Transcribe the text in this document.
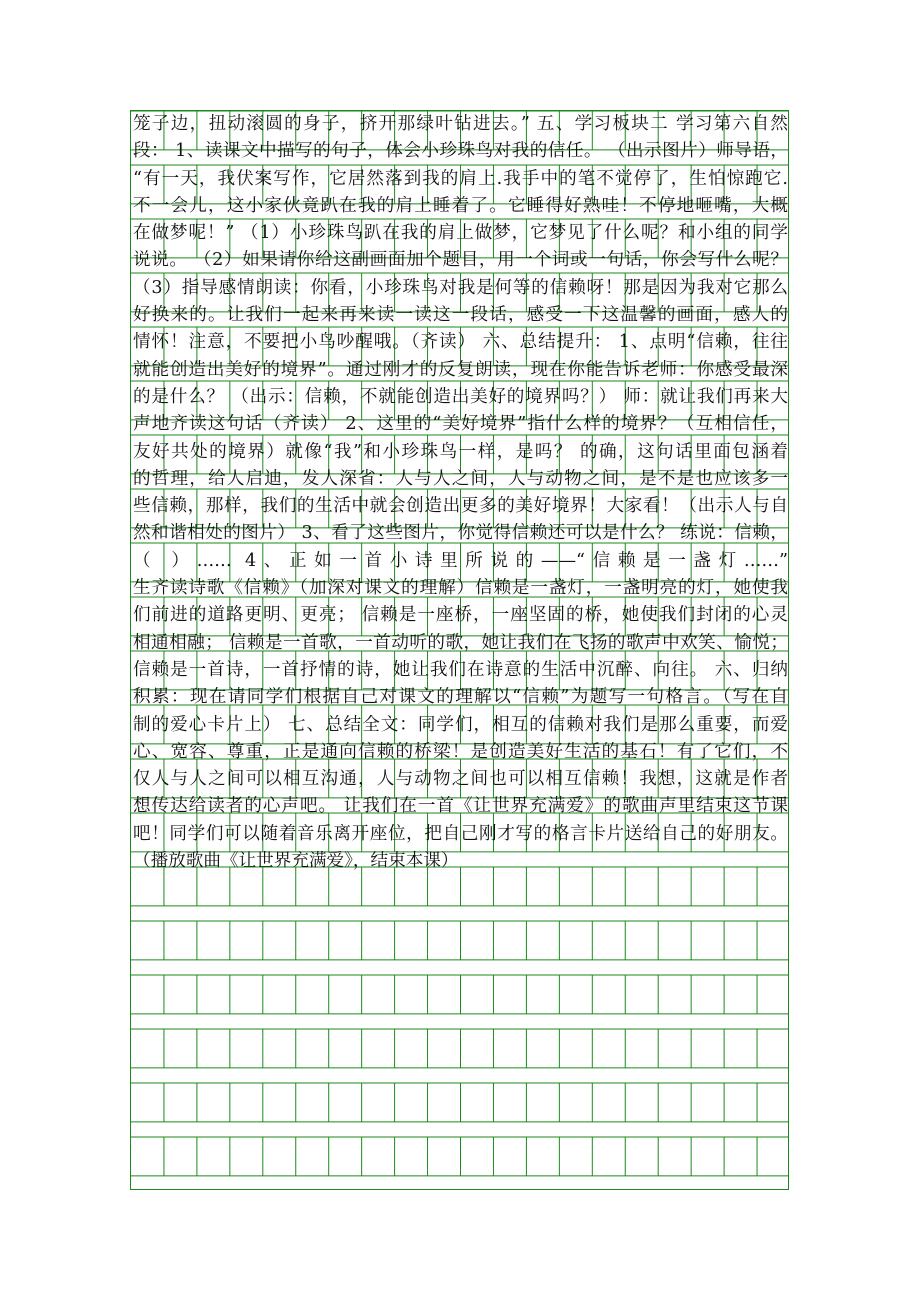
笼子边，扭动滚圆的身子，挤开那绿叶钻进去。” 五、学习板块二 学习第六自然
段： 1、读课文中描写的句子，体会小珍珠鸟对我的信任。 （出示图片）师导语，
“有一天，我伏案写作，它居然落到我的肩上.我手中的笔不觉停了，生怕惊跑它.
不一会儿，这小家伙竟趴在我的肩上睡着了。它睡得好熟哇！不停地咂嘴，大概
在做梦呢！” （1）小珍珠鸟趴在我的肩上做梦，它梦见了什么呢？和小组的同学
说说。 （2）如果请你给这副画面加个题目，用一个词或一句话，你会写什么呢？
（3）指导感情朗读：你看，小珍珠鸟对我是何等的信赖呀！那是因为我对它那么
好换来的。让我们一起来再来读一读这一段话，感受一下这温馨的画面，感人的
情怀！注意，不要把小鸟吵醒哦。（齐读） 六、总结提升： 1、点明“信赖，往往
就能创造出美好的境界”。通过刚才的反复朗读，现在你能告诉老师：你感受最深
的是什么？ （出示：信赖，不就能创造出美好的境界吗？） 师：就让我们再来大
声地齐读这句话（齐读） 2、这里的“美好境界”指什么样的境界？（互相信任，
友好共处的境界）就像“我”和小珍珠鸟一样，是吗？ 的确，这句话里面包涵着
的哲理，给人启迪，发人深省：人与人之间，人与动物之间，是不是也应该多一
些信赖，那样，我们的生活中就会创造出更多的美好境界！大家看！（出示人与自
然和谐相处的图片） 3、看了这些图片，你觉得信赖还可以是什么？ 练说：信赖，
（ ）…… 4、正如一首小诗里所说的——“信赖是一盏灯……”
生齐读诗歌《信赖》（加深对课文的理解）信赖是一盏灯，一盏明亮的灯，她使我
们前进的道路更明、更亮； 信赖是一座桥，一座坚固的桥，她使我们封闭的心灵
相通相融； 信赖是一首歌，一首动听的歌，她让我们在飞扬的歌声中欢笑、愉悦；
信赖是一首诗，一首抒情的诗，她让我们在诗意的生活中沉醉、向往。 六、归纳
积累：现在请同学们根据自己对课文的理解以“信赖”为题写一句格言。（写在自
制的爱心卡片上） 七、总结全文：同学们，相互的信赖对我们是那么重要，而爱
心、宽容、尊重，正是通向信赖的桥梁！是创造美好生活的基石！有了它们，不
仅人与人之间可以相互沟通，人与动物之间也可以相互信赖！我想，这就是作者
想传达给读者的心声吧。 让我们在一首《让世界充满爱》的歌曲声里结束这节课
吧！同学们可以随着音乐离开座位，把自己刚才写的格言卡片送给自己的好朋友。
（播放歌曲《让世界充满爱》，结束本课）
